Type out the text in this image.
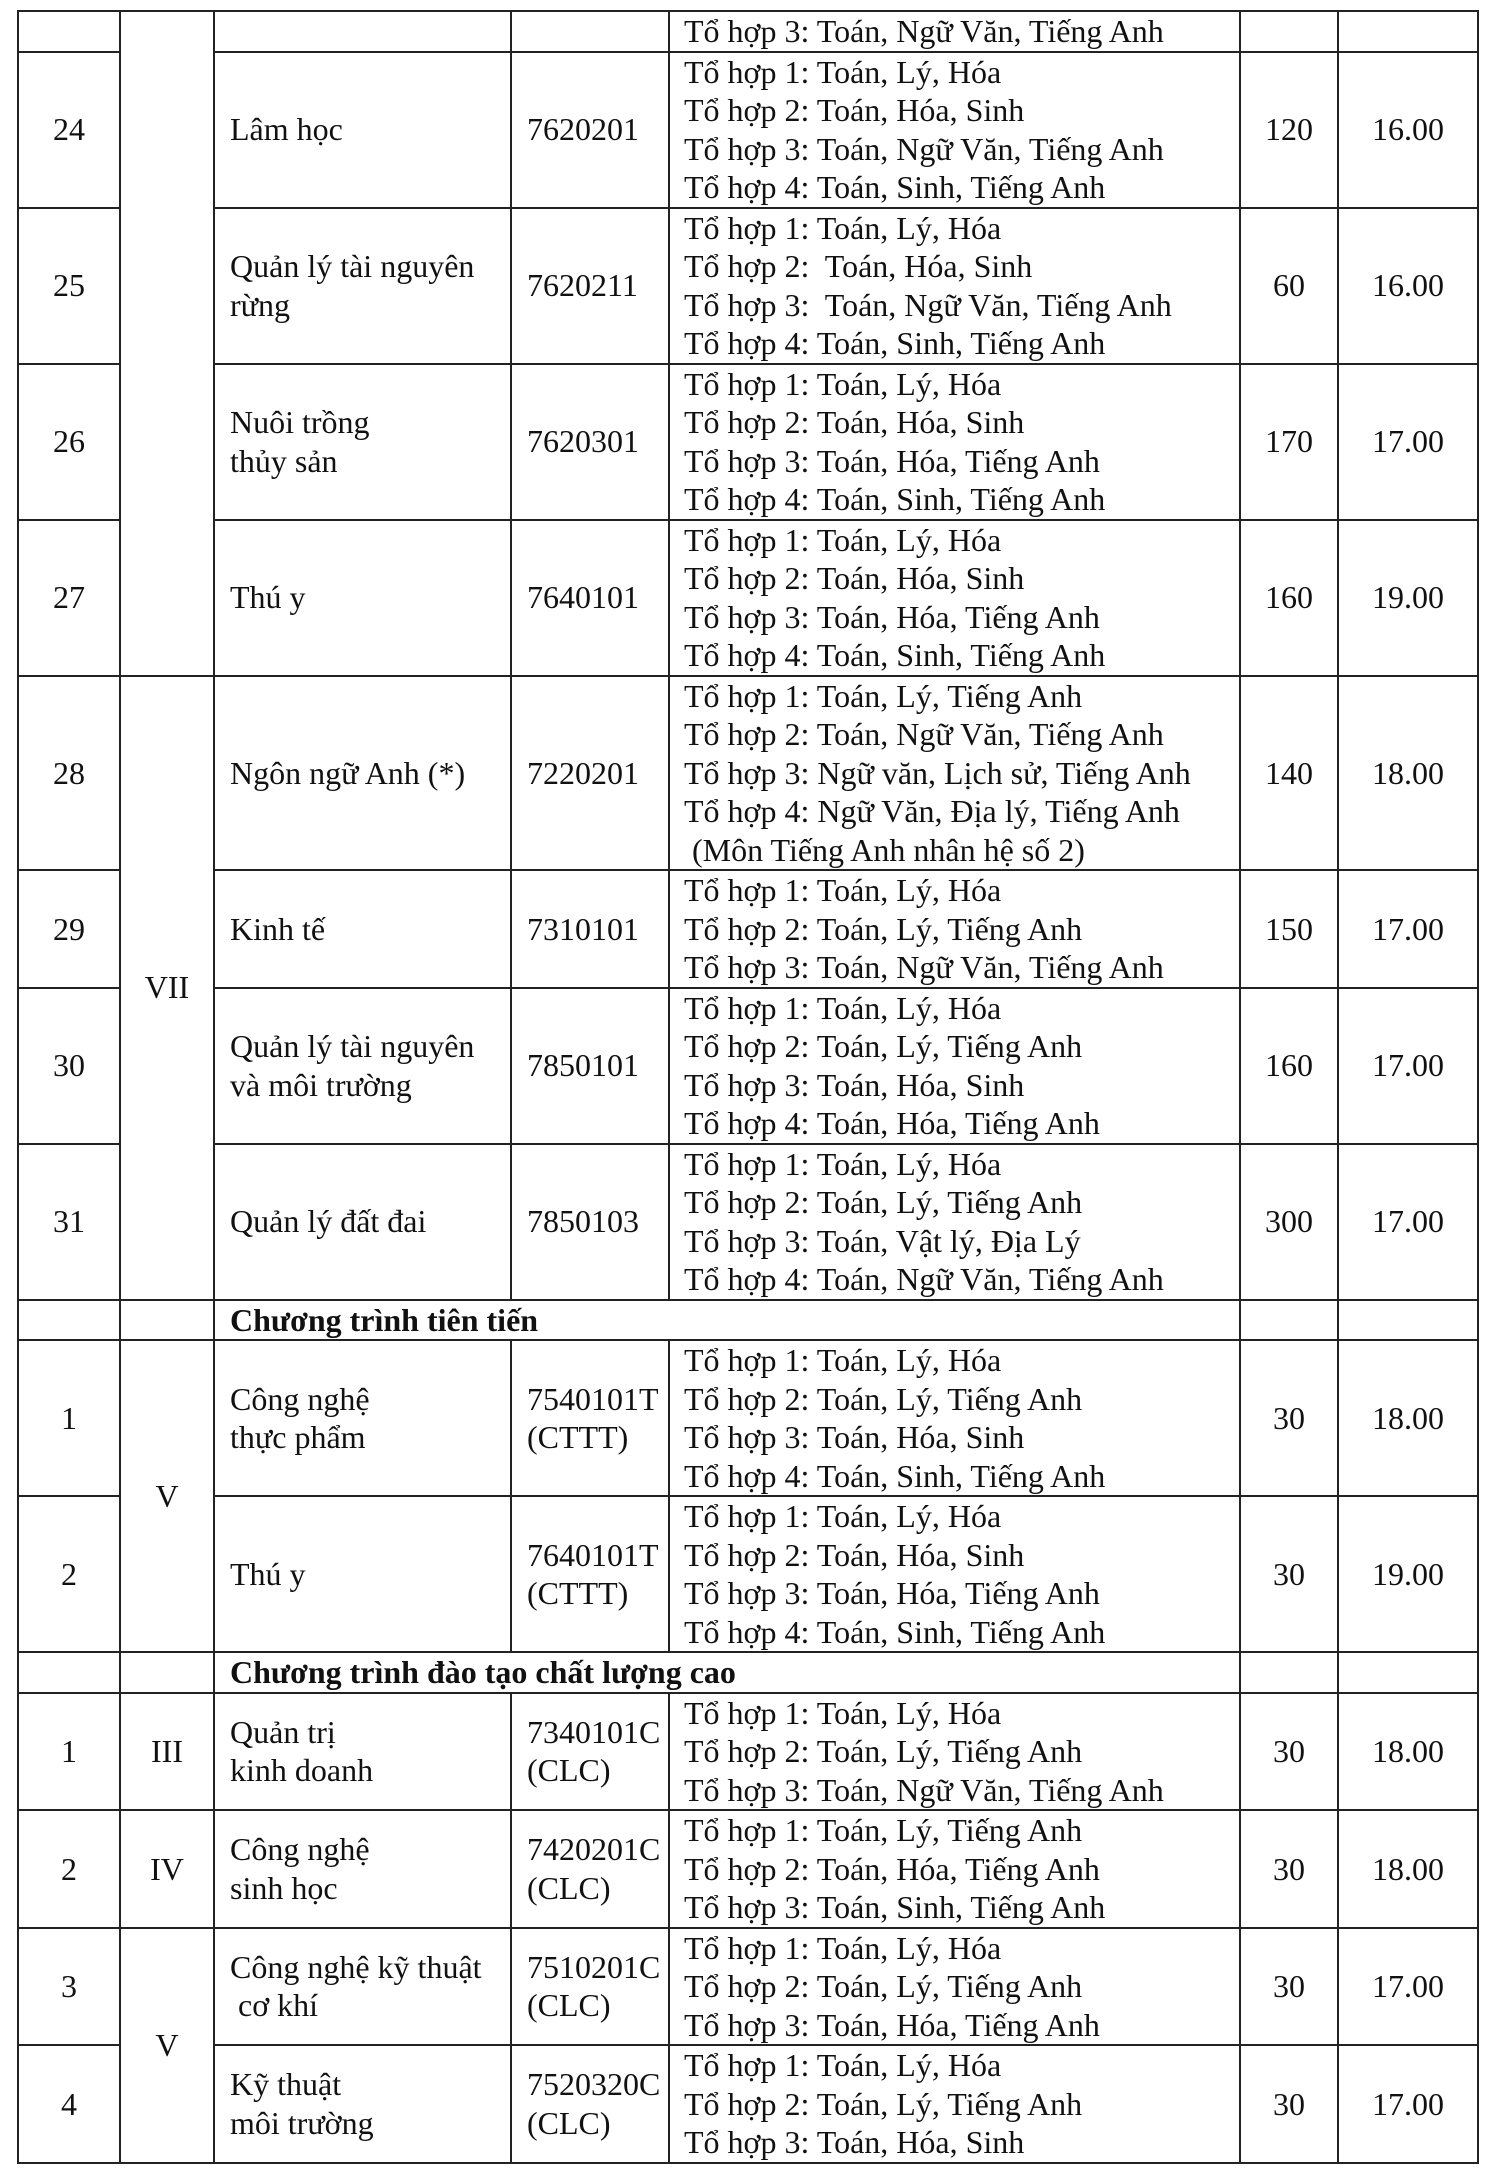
				Tổ hợp 3: Toán, Ngữ Văn, Tiếng Anh		

24		Lâm học	7620201	Tổ hợp 1: Toán, Lý, Hóa
Tổ hợp 2: Toán, Hóa, Sinh
Tổ hợp 3: Toán, Ngữ Văn, Tiếng Anh
Tổ hợp 4: Toán, Sinh, Tiếng Anh	120	16.00
25		Quản lý tài nguyên
rừng	7620211	Tổ hợp 1: Toán, Lý, Hóa
Tổ hợp 2:  Toán, Hóa, Sinh
Tổ hợp 3:  Toán, Ngữ Văn, Tiếng Anh
Tổ hợp 4: Toán, Sinh, Tiếng Anh	60	16.00
26		Nuôi trồng
thủy sản	7620301	Tổ hợp 1: Toán, Lý, Hóa
Tổ hợp 2: Toán, Hóa, Sinh
Tổ hợp 3: Toán, Hóa, Tiếng Anh
Tổ hợp 4: Toán, Sinh, Tiếng Anh	170	17.00
27		Thú y	7640101	Tổ hợp 1: Toán, Lý, Hóa
Tổ hợp 2: Toán, Hóa, Sinh
Tổ hợp 3: Toán, Hóa, Tiếng Anh
Tổ hợp 4: Toán, Sinh, Tiếng Anh	160	19.00
28	VII	Ngôn ngữ Anh (*)	7220201	Tổ hợp 1: Toán, Lý, Tiếng Anh
Tổ hợp 2: Toán, Ngữ Văn, Tiếng Anh
Tổ hợp 3: Ngữ văn, Lịch sử, Tiếng Anh
Tổ hợp 4: Ngữ Văn, Địa lý, Tiếng Anh
(Môn Tiếng Anh nhân hệ số 2)	140	18.00
29		Kinh tế	7310101	Tổ hợp 1: Toán, Lý, Hóa
Tổ hợp 2: Toán, Lý, Tiếng Anh
Tổ hợp 3: Toán, Ngữ Văn, Tiếng Anh	150	17.00
30		Quản lý tài nguyên
và môi trường	7850101	Tổ hợp 1: Toán, Lý, Hóa
Tổ hợp 2: Toán, Lý, Tiếng Anh
Tổ hợp 3: Toán, Hóa, Sinh
Tổ hợp 4: Toán, Hóa, Tiếng Anh	160	17.00
31		Quản lý đất đai	7850103	Tổ hợp 1: Toán, Lý, Hóa
Tổ hợp 2: Toán, Lý, Tiếng Anh
Tổ hợp 3: Toán, Vật lý, Địa Lý
Tổ hợp 4: Toán, Ngữ Văn, Tiếng Anh	300	17.00
		Chương trình tiên tiến				
1	V	Công nghệ
thực phẩm	7540101T
(CTTT)	Tổ hợp 1: Toán, Lý, Hóa
Tổ hợp 2: Toán, Lý, Tiếng Anh
Tổ hợp 3: Toán, Hóa, Sinh
Tổ hợp 4: Toán, Sinh, Tiếng Anh	30	18.00
2		Thú y	7640101T
(CTTT)	Tổ hợp 1: Toán, Lý, Hóa
Tổ hợp 2: Toán, Hóa, Sinh
Tổ hợp 3: Toán, Hóa, Tiếng Anh
Tổ hợp 4: Toán, Sinh, Tiếng Anh	30	19.00
		Chương trình đào tạo chất lượng cao				
1	III	Quản trị
kinh doanh	7340101C
(CLC)	Tổ hợp 1: Toán, Lý, Hóa
Tổ hợp 2: Toán, Lý, Tiếng Anh
Tổ hợp 3: Toán, Ngữ Văn, Tiếng Anh	30	18.00
2	IV	Công nghệ
sinh học	7420201C
(CLC)	Tổ hợp 1: Toán, Lý, Tiếng Anh
Tổ hợp 2: Toán, Hóa, Tiếng Anh
Tổ hợp 3: Toán, Sinh, Tiếng Anh	30	18.00
3	V	Công nghệ kỹ thuật
cơ khí	7510201C
(CLC)	Tổ hợp 1: Toán, Lý, Hóa
Tổ hợp 2: Toán, Lý, Tiếng Anh
Tổ hợp 3: Toán, Hóa, Tiếng Anh	30	17.00
4		Kỹ thuật
môi trường	7520320C
(CLC)	Tổ hợp 1: Toán, Lý, Hóa
Tổ hợp 2: Toán, Lý, Tiếng Anh
Tổ hợp 3: Toán, Hóa, Sinh	30	17.00
